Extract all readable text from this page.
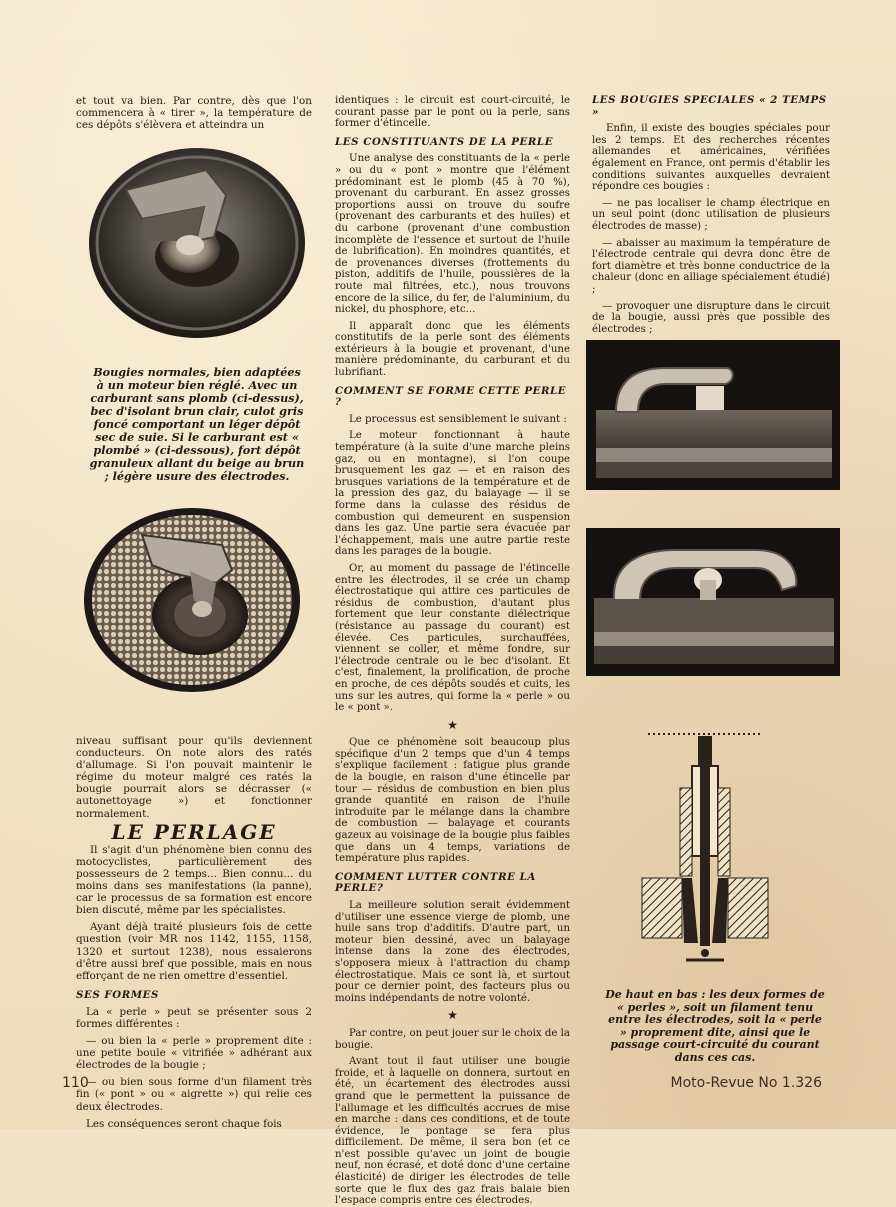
et tout va bien. Par contre, dès que l'on commencera à « tirer », la température de ces dépôts s'élèvera et atteindra un

Bougies normales, bien adaptées à un moteur bien réglé. Avec un carburant sans plomb (ci-dessus), bec d'isolant brun clair, culot gris foncé comportant un léger dépôt sec de suie. Si le carburant est « plombé » (ci-dessous), fort dépôt granuleux allant du beige au brun ; légère usure des électrodes.

niveau suffisant pour qu'ils deviennent conducteurs. On note alors des ratés d'allumage. Si l'on pouvait maintenir le régime du moteur malgré ces ratés la bougie pourrait alors se décrasser (« autonettoyage ») et fonctionner normalement.

LE PERLAGE

Il s'agit d'un phénomène bien connu des motocyclistes, particulièrement des possesseurs de 2 temps... Bien connu... du moins dans ses manifestations (la panne), car le processus de sa formation est encore bien discuté, même par les spécialistes.

Ayant déjà traité plusieurs fois de cette question (voir MR nos 1142, 1155, 1158, 1320 et surtout 1238), nous essaierons d'être aussi bref que possible, mais en nous efforçant de ne rien omettre d'essentiel.

SES FORMES

La « perle » peut se présenter sous 2 formes différentes :

— ou bien la « perle » proprement dite : une petite boule « vitrifiée » adhérant aux électrodes de la bougie ;

— ou bien sous forme d'un filament très fin (« pont » ou « aigrette ») qui relie ces deux électrodes.

Les conséquences seront chaque fois

identiques : le circuit est court-circuité, le courant passe par le pont ou la perle, sans former d'étincelle.

LES CONSTITUANTS DE LA PERLE

Une analyse des constituants de la « perle » ou du « pont » montre que l'élément prédominant est le plomb (45 à 70 %), provenant du carburant. En assez grosses proportions aussi on trouve du soufre (provenant des carburants et des huiles) et du carbone (provenant d'une combustion incomplète de l'essence et surtout de l'huile de lubrification). En moindres quantités, et de provenances diverses (frottements du piston, additifs de l'huile, poussières de la route mal filtrées, etc.), nous trouvons encore de la silice, du fer, de l'aluminium, du nickel, du phosphore, etc...

Il apparaît donc que les éléments constitutifs de la perle sont des éléments extérieurs à la bougie et provenant, d'une manière prédominante, du carburant et du lubrifiant.

COMMENT SE FORME CETTE PERLE ?

Le processus est sensiblement le suivant :

Le moteur fonctionnant à haute température (à la suite d'une marche pleins gaz, ou en montagne), si l'on coupe brusquement les gaz — et en raison des brusques variations de la température et de la pression des gaz, du balayage — il se forme dans la culasse des résidus de combustion qui demeurent en suspension dans les gaz. Une partie sera évacuée par l'échappement, mais une autre partie reste dans les parages de la bougie.

Or, au moment du passage de l'étincelle entre les électrodes, il se crée un champ électrostatique qui attire ces particules de résidus de combustion, d'autant plus fortement que leur constante diélectrique (résistance au passage du courant) est élevée. Ces particules, surchauffées, viennent se coller, et même fondre, sur l'électrode centrale ou le bec d'isolant. Et c'est, finalement, la prolification, de proche en proche, de ces dépôts soudés et cuits, les uns sur les autres, qui forme la « perle » ou le « pont ».

★

Que ce phénomène soit beaucoup plus spécifique d'un 2 temps que d'un 4 temps s'explique facilement : fatigue plus grande de la bougie, en raison d'une étincelle par tour — résidus de combustion en bien plus grande quantité en raison de l'huile introduite par le mélange dans la chambre de combustion — balayage et courants gazeux au voisinage de la bougie plus faibles que dans un 4 temps, variations de température plus rapides.

COMMENT LUTTER CONTRE LA PERLE?

La meilleure solution serait évidemment d'utiliser une essence vierge de plomb, une huile sans trop d'additifs. D'autre part, un moteur bien dessiné, avec un balayage intense dans la zone des électrodes, s'opposera mieux à l'attraction du champ électrostatique. Mais ce sont là, et surtout pour ce dernier point, des facteurs plus ou moins indépendants de notre volonté.

★

Par contre, on peut jouer sur le choix de la bougie.

Avant tout il faut utiliser une bougie froide, et à laquelle on donnera, surtout en été, un écartement des électrodes aussi grand que le permettent la puissance de l'allumage et les difficultés accrues de mise en marche : dans ces conditions, et de toute évidence, le pontage se fera plus difficilement. De même, il sera bon (et ce n'est possible qu'avec un joint de bougie neuf, non écrasé, et doté donc d'une certaine élasticité) de diriger les électrodes de telle sorte que le flux des gaz frais balaie bien l'espace compris entre ces électrodes.

LES BOUGIES SPECIALES « 2 TEMPS »

Enfin, il existe des bougies spéciales pour les 2 temps. Et des recherches récentes allemandes et américaines, vérifiées également en France, ont permis d'établir les conditions suivantes auxquelles devraient répondre ces bougies :

— ne pas localiser le champ électrique en un seul point (donc utilisation de plusieurs électrodes de masse) ;

— abaisser au maximum la température de l'électrode centrale qui devra donc être de fort diamètre et très bonne conductrice de la chaleur (donc en alliage spécialement étudié) ;

— provoquer une disrupture dans le circuit de la bougie, aussi près que possible des électrodes ;

De haut en bas : les deux formes de « perles », soit un filament tenu entre les électrodes, soit la « perle » proprement dite, ainsi que le passage court-circuité du courant dans ces cas.
110	Moto-Revue No 1.326
